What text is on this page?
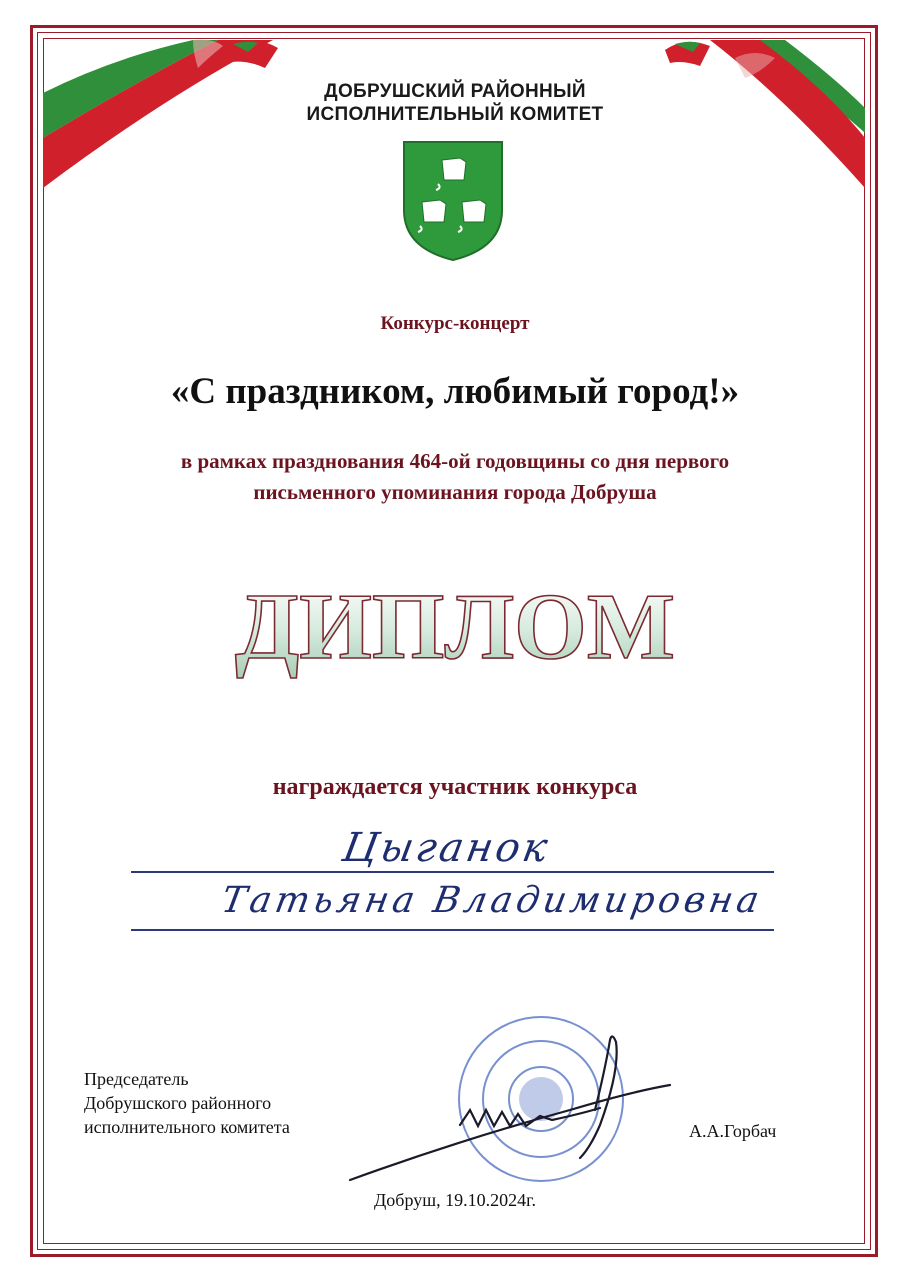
ДОБРУШСКИЙ РАЙОННЫЙ
ИСПОЛНИТЕЛЬНЫЙ КОМИТЕТ
Конкурс-концерт
«С праздником, любимый город!»
в рамках празднования 464-ой годовщины со дня первого
письменного упоминания города Добруша
ДИПЛОМ
награждается участник конкурса
Цыганок
Татьяна Владимировна
Председатель
Добрушского районного
исполнительного комитета	А.А.Горбач
Добруш, 19.10.2024г.
